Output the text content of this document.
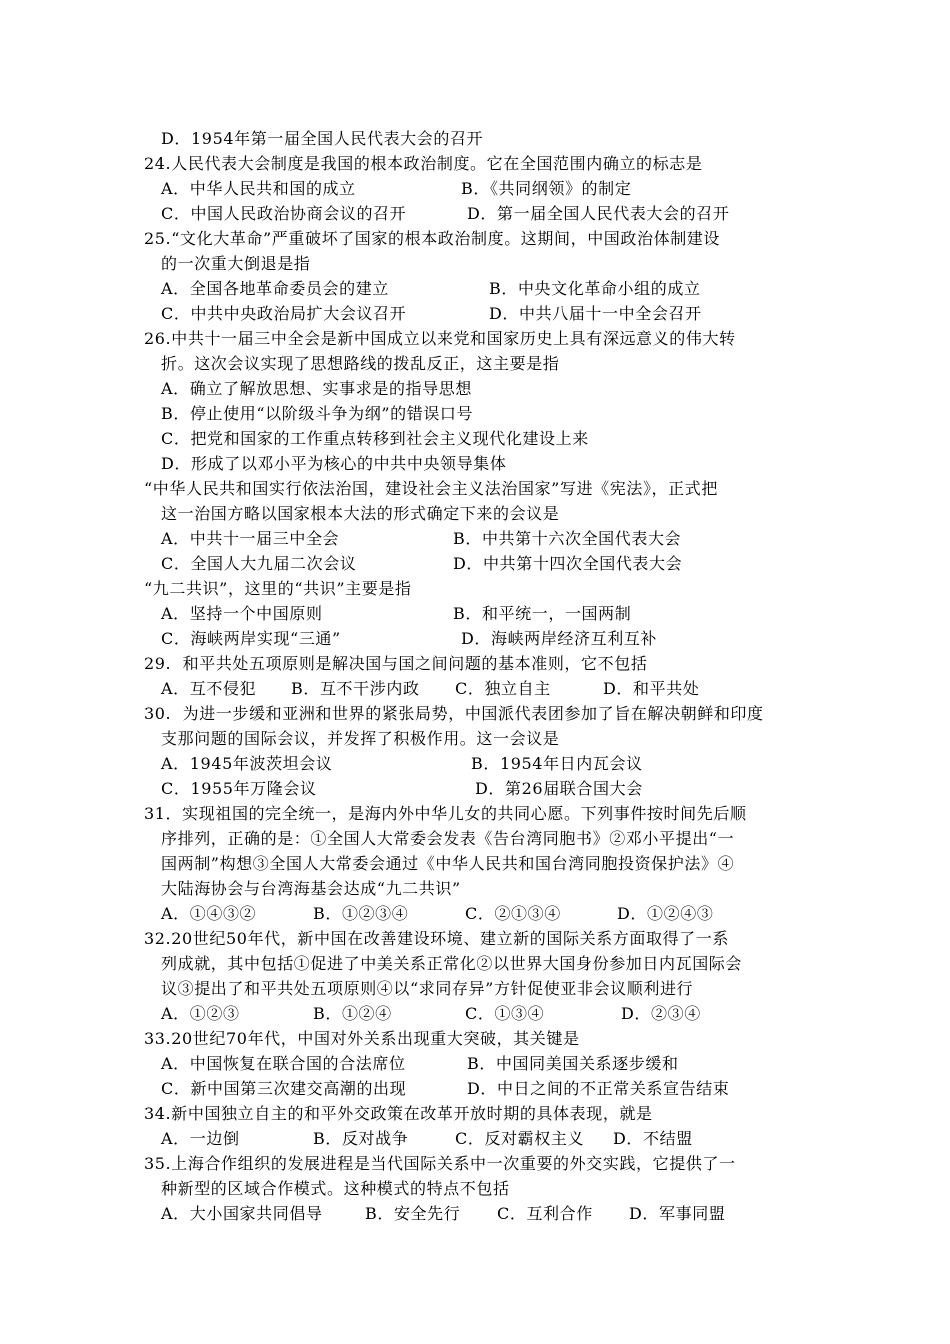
D．1954年第一届全国人民代表大会的召开
24.人民代表大会制度是我国的根本政治制度。它在全国范围内确立的标志是
A．中华人民共和国的成立	B．《共同纲领》的制定
C．中国人民政治协商会议的召开	D．第一届全国人民代表大会的召开
25.“文化大革命”严重破坏了国家的根本政治制度。这期间，中国政治体制建设
的一次重大倒退是指
A．全国各地革命委员会的建立	B．中央文化革命小组的成立
C．中共中央政治局扩大会议召开	D．中共八届十一中全会召开
26.中共十一届三中全会是新中国成立以来党和国家历史上具有深远意义的伟大转
折。这次会议实现了思想路线的拨乱反正，这主要是指
A．确立了解放思想、实事求是的指导思想
B．停止使用“以阶级斗争为纲”的错误口号
C．把党和国家的工作重点转移到社会主义现代化建设上来
D．形成了以邓小平为核心的中共中央领导集体
“中华人民共和国实行依法治国，建设社会主义法治国家”写进《宪法》，正式把
这一治国方略以国家根本大法的形式确定下来的会议是
A．中共十一届三中全会	B．中共第十六次全国代表大会
C．全国人大九届二次会议	D．中共第十四次全国代表大会
“九二共识”，这里的“共识”主要是指
A．坚持一个中国原则	B．和平统一，一国两制
C．海峡两岸实现“三通”	D．海峡两岸经济互利互补
29.  和平共处五项原则是解决国与国之间问题的基本准则，它不包括
A．互不侵犯 B．互不干涉内政 C．独立自主	D．和平共处
30.  为进一步缓和亚洲和世界的紧张局势，中国派代表团参加了旨在解决朝鲜和印度
支那问题的国际会议，并发挥了积极作用。这一会议是
A．1945年波茨坦会议	B．1954年日内瓦会议
C．1955年万隆会议	D．第26届联合国大会
31．实现祖国的完全统一，是海内外中华儿女的共同心愿。下列事件按时间先后顺
序排列，正确的是：①全国人大常委会发表《告台湾同胞书》②邓小平提出“一
国两制”构想③全国人大常委会通过《中华人民共和国台湾同胞投资保护法》④
大陆海协会与台湾海基会达成“九二共识”
A．①④③②	B．①②③④	C．②①③④	D．①②④③
32.20世纪50年代，新中国在改善建设环境、建立新的国际关系方面取得了一系
列成就，其中包括①促进了中美关系正常化②以世界大国身份参加日内瓦国际会
议③提出了和平共处五项原则④以“求同存异”方针促使亚非会议顺利进行
A．①②③	B．①②④	C．①③④	D．②③④
33.20世纪70年代，中国对外关系出现重大突破，其关键是
A．中国恢复在联合国的合法席位	B．中国同美国关系逐步缓和
C．新中国第三次建交高潮的出现	D．中日之间的不正常关系宣告结束
34.新中国独立自主的和平外交政策在改革开放时期的具体表现，就是
A．一边倒	B．反对战争	C．反对霸权主义 D．不结盟
35.上海合作组织的发展进程是当代国际关系中一次重要的外交实践，它提供了一
种新型的区域合作模式。这种模式的特点不包括
A．大小国家共同倡导	B．安全先行 C．互利合作 D．军事同盟
